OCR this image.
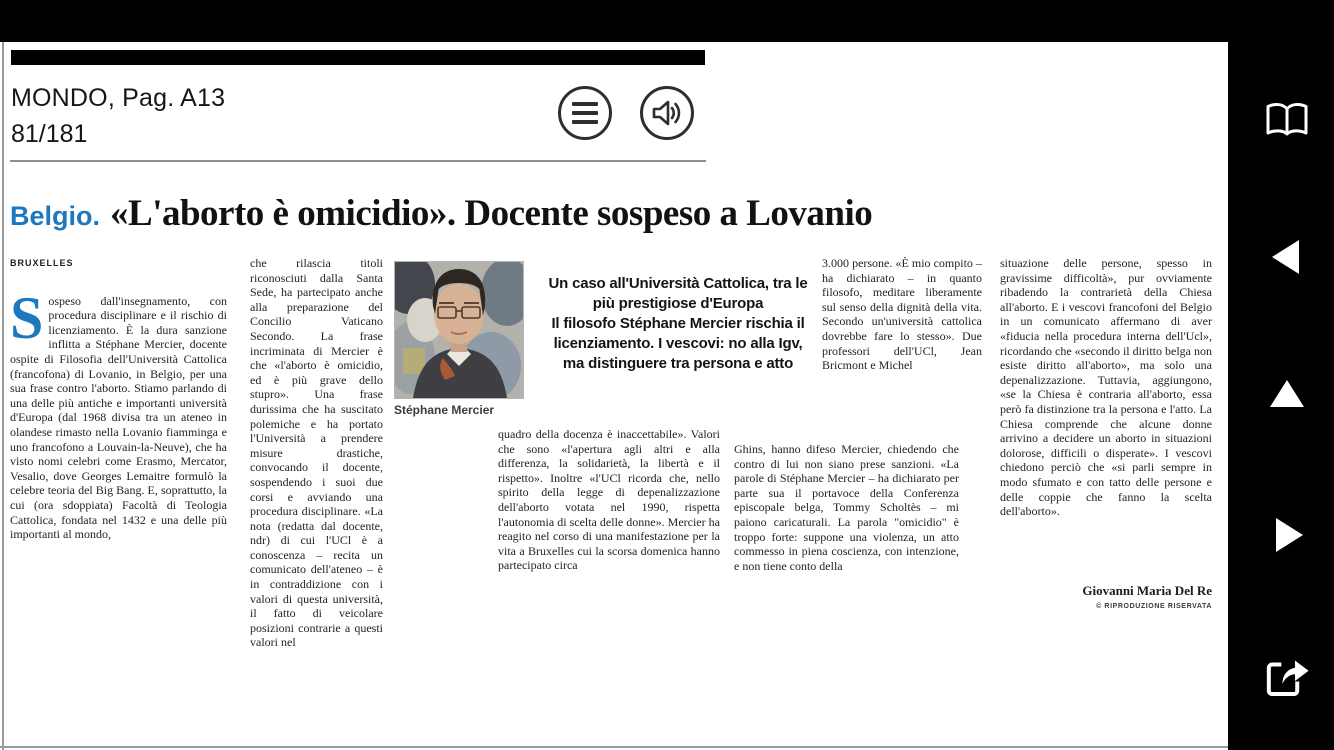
MONDO, Pag. A13
81/181
Belgio. «L'aborto è omicidio». Docente sospeso a Lovanio
BRUXELLES

Sospeso dall'insegnamento, con procedura disciplinare e il rischio di licenziamento. È la dura sanzione inflitta a Stéphane Mercier, docente ospite di Filosofia dell'Università Cattolica (francofona) di Lovanio, in Belgio, per una sua frase contro l'aborto. Stiamo parlando di una delle più antiche e importanti università d'Europa (dal 1968 divisa tra un ateneo in olandese rimasto nella Lovanio fiamminga e uno francofono a Louvain-la-Neuve), che ha visto nomi celebri come Erasmo, Mercator, Vesalio, dove Georges Lemaitre formulò la celebre teoria del Big Bang. E, soprattutto, la cui (ora sdoppiata) Facoltà di Teologia Cattolica, fondata nel 1432 e una delle più importanti al mondo,

che rilascia titoli riconosciuti dalla Santa Sede, ha partecipato anche alla preparazione del Concilio Vaticano Secondo. La frase incriminata di Mercier è che «l'aborto è omicidio, ed è più grave dello stupro». Una frase durissima che ha suscitato polemiche e ha portato l'Università a prendere misure drastiche, convocando il docente, sospendendo i suoi due corsi e avviando una procedura disciplinare. «La nota (redatta dal docente, ndr) di cui l'UCl è a conoscenza – recita un comunicato dell'ateneo – è in contraddizione con i valori di questa università, il fatto di veicolare posizioni contrarie a questi valori nel
Stéphane Mercier

Un caso all'Università Cattolica, tra le più prestigiose d'Europa

Il filosofo Stéphane Mercier rischia il licenziamento. I vescovi: no alla Igv, ma distinguere tra persona e atto

quadro della docenza è inaccettabile». Valori che sono «l'apertura agli altri e alla differenza, la solidarietà, la libertà e il rispetto». Inoltre «l'UCl ricorda che, nello spirito della legge di depenalizzazione dell'aborto votata nel 1990, rispetta l'autonomia di scelta delle donne». Mercier ha reagito nel corso di una manifestazione per la vita a Bruxelles cui la scorsa domenica hanno partecipato circa
3.000 persone. «È mio compito – ha dichiarato – in quanto filosofo, meditare liberamente sul senso della dignità della vita. Secondo un'università cattolica dovrebbe fare lo stesso». Due professori dell'UCl, Jean Bricmont e Michel
Ghins, hanno difeso Mercier, chiedendo che contro di lui non siano prese sanzioni. «La parole di Stéphane Mercier – ha dichiarato per parte sua il portavoce della Conferenza episcopale belga, Tommy Scholtès – mi paiono caricaturali. La parola "omicidio" è troppo forte: suppone una violenza, un atto commesso in piena coscienza, con intenzione, e non tiene conto della
situazione delle persone, spesso in gravissime difficoltà», pur ovviamente ribadendo la contrarietà della Chiesa all'aborto. E i vescovi francofoni del Belgio in un comunicato affermano di aver «fiducia nella procedura interna dell'Ucl», ricordando che «secondo il diritto belga non esiste diritto all'aborto», ma solo una depenalizzazione. Tuttavia, aggiungono, «se la Chiesa è contraria all'aborto, essa però fa distinzione tra la persona e l'atto. La Chiesa comprende che alcune donne arrivino a decidere un aborto in situazioni dolorose, difficili o disperate». I vescovi chiedono perciò che «si parli sempre in modo sfumato e con tatto delle persone e delle coppie che fanno la scelta dell'aborto».
Giovanni Maria Del Re
© RIPRODUZIONE RISERVATA
